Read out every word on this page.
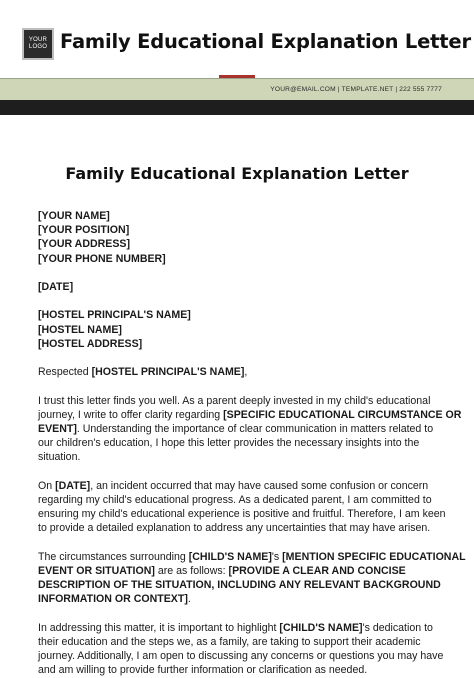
YOUR
LOGO Family Educational Explanation Letter
YOUR@EMAIL.COM | TEMPLATE.NET | 222 555 7777
Family Educational Explanation Letter
[YOUR NAME]
[YOUR POSITION]
[YOUR ADDRESS]
[YOUR PHONE NUMBER]
[DATE]
[HOSTEL PRINCIPAL'S NAME]
[HOSTEL NAME]
[HOSTEL ADDRESS]
Respected [HOSTEL PRINCIPAL'S NAME],
I trust this letter finds you well. As a parent deeply invested in my child's educational
journey, I write to offer clarity regarding [SPECIFIC EDUCATIONAL CIRCUMSTANCE OR
EVENT]. Understanding the importance of clear communication in matters related to
our children's education, I hope this letter provides the necessary insights into the
situation.
On [DATE], an incident occurred that may have caused some confusion or concern
regarding my child's educational progress. As a dedicated parent, I am committed to
ensuring my child's educational experience is positive and fruitful. Therefore, I am keen
to provide a detailed explanation to address any uncertainties that may have arisen.
The circumstances surrounding [CHILD'S NAME]'s [MENTION SPECIFIC EDUCATIONAL
EVENT OR SITUATION] are as follows: [PROVIDE A CLEAR AND CONCISE
DESCRIPTION OF THE SITUATION, INCLUDING ANY RELEVANT BACKGROUND
INFORMATION OR CONTEXT].
In addressing this matter, it is important to highlight [CHILD'S NAME]'s dedication to
their education and the steps we, as a family, are taking to support their academic
journey. Additionally, I am open to discussing any concerns or questions you may have
and am willing to provide further information or clarification as needed.
